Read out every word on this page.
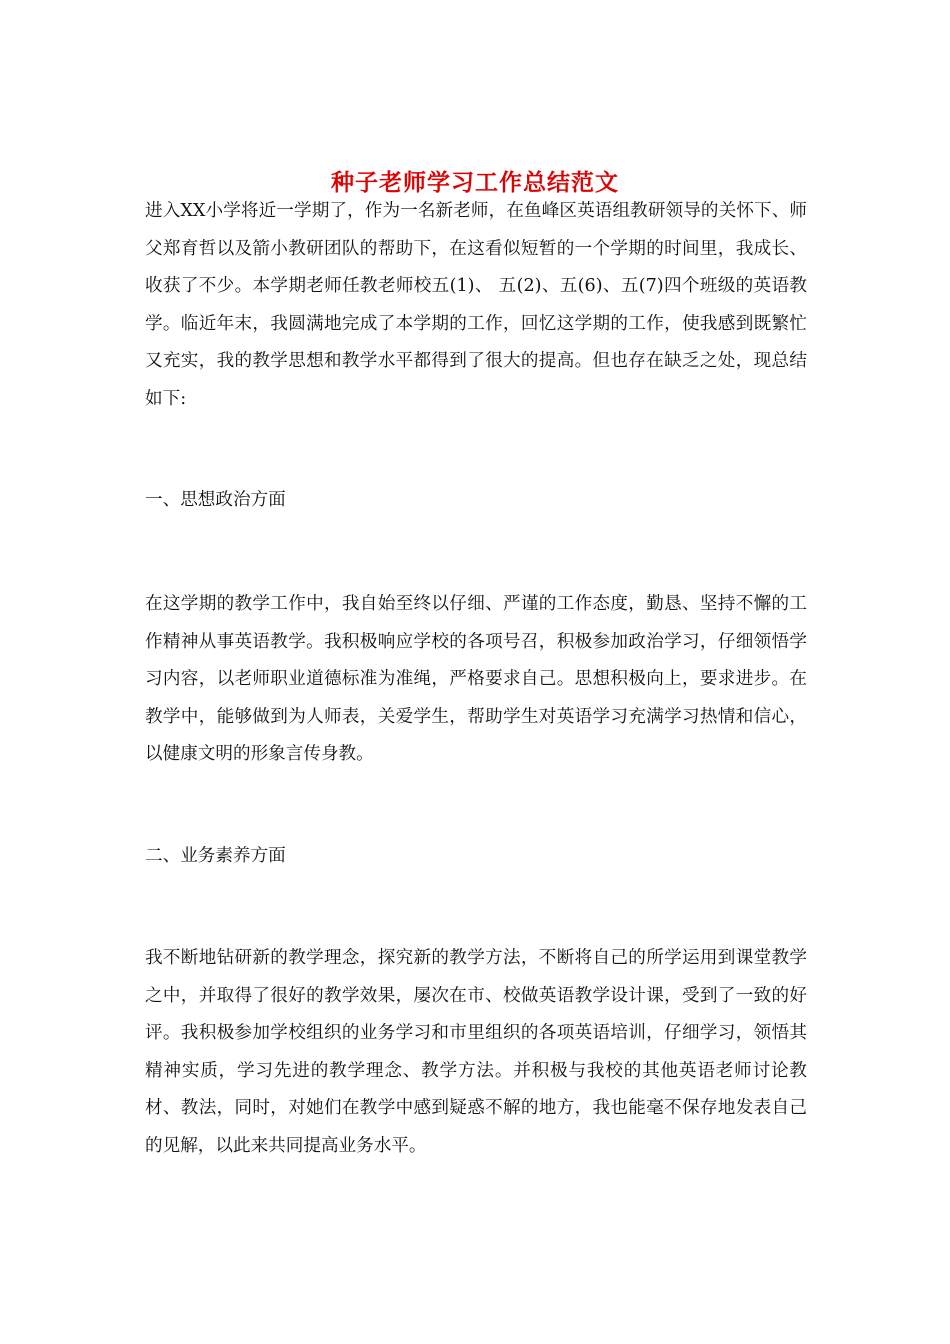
种子老师学习工作总结范文

进入XX小学将近一学期了，作为一名新老师，在鱼峰区英语组教研领导的关怀下、师父郑育哲以及箭小教研团队的帮助下，在这看似短暂的一个学期的时间里，我成长、收获了不少。本学期老师任教老师校五(1)、 五(2)、五(6)、五(7)四个班级的英语教学。临近年末，我圆满地完成了本学期的工作，回忆这学期的工作，使我感到既繁忙又充实，我的教学思想和教学水平都得到了很大的提高。但也存在缺乏之处，现总结如下:

一、思想政治方面

在这学期的教学工作中，我自始至终以仔细、严谨的工作态度，勤恳、坚持不懈的工作精神从事英语教学。我积极响应学校的各项号召，积极参加政治学习，仔细领悟学习内容，以老师职业道德标准为准绳，严格要求自己。思想积极向上，要求进步。在教学中，能够做到为人师表，关爱学生，帮助学生对英语学习充满学习热情和信心，以健康文明的形象言传身教。

二、业务素养方面

我不断地钻研新的教学理念，探究新的教学方法，不断将自己的所学运用到课堂教学之中，并取得了很好的教学效果，屡次在市、校做英语教学设计课，受到了一致的好评。我积极参加学校组织的业务学习和市里组织的各项英语培训，仔细学习，领悟其精神实质，学习先进的教学理念、教学方法。并积极与我校的其他英语老师讨论教材、教法，同时，对她们在教学中感到疑惑不解的地方，我也能毫不保存地发表自己的见解，以此来共同提高业务水平。
